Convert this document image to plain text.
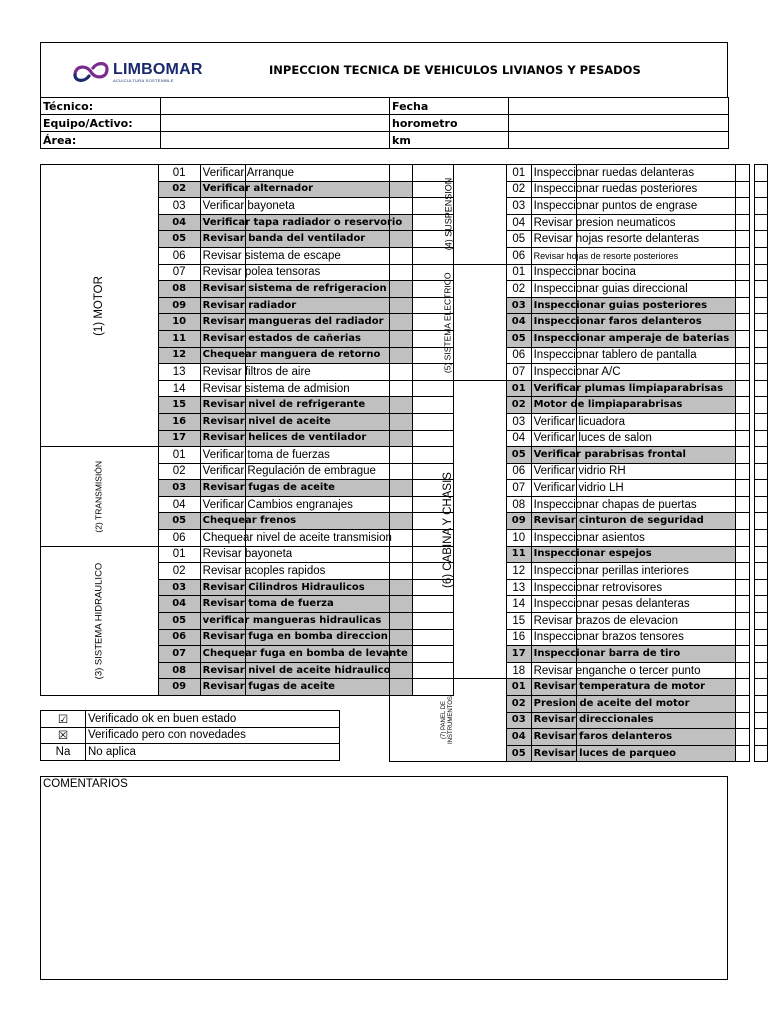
LIMBOMAR
ACUICULTURA SOSTENIBLE
INPECCION TECNICA DE VEHICULOS LIVIANOS Y PESADOS
Técnico:		Fecha	
Equipo/Activo:		horometro	
Área:		km	
(1) MOTOR	01	Verificar Arranque		
	02	Verificar alternador		
	03	Verificar bayoneta		
	04	Verificar tapa radiador o reservorio		
	05	Revisar banda del ventilador		
	06	Revisar sistema de escape		
	07	Revisar polea tensoras		
	08	Revisar sistema de refrigeracion		
	09	Revisar radiador		
	10	Revisar mangueras del radiador		
	11	Revisar estados de cañerias		
	12	Chequear manguera de retorno		
	13	Revisar filtros de aire		
	14	Revisar sistema de admision		
	15	Revisar nivel de refrigerante		
	16	Revisar nivel de aceite		
	17	Revisar helices de ventilador		
(2) TRANSMISIÓN	01	Verificar toma de fuerzas		
	02	Verificar Regulación de embrague		
	03	Revisar fugas de aceite		
	04	Verificar Cambios engranajes		
	05	Chequear frenos		
	06	Chequear nivel de aceite transmision		
(3) SISTEMA HIDRAULICO	01	Revisar bayoneta		
	02	Revisar acoples rapidos		
	03	Revisar Cilindros Hidraulicos		
	04	Revisar toma de fuerza		
	05	verificar mangueras hidraulicas		
	06	Revisar fuga en bomba direccion		
	07	Chequear fuga en bomba de levante		
	08	Revisar nivel de aceite hidraulico		
	09	Revisar fugas de aceite		
(4) SUSPENSION	01	Inspeccionar ruedas delanteras			
	02	Inspeccionar ruedas posteriores			
	03	Inspeccionar puntos de engrase			
	04	Revisar presion neumaticos			
	05	Revisar hojas resorte delanteras			
	06	Revisar hojas de resorte posteriores			
(5) SISTEMA ELECTRICO	01	Inspeccionar bocina			
	02	Inspeccionar guias direccional			
	03	Inspeccionar guias posteriores			
	04	Inspeccionar faros delanteros			
	05	Inspeccionar amperaje de baterias			
	06	Inspeccionar tablero de pantalla			
	07	Inspeccionar A/C			
(6) CABINA Y CHASIS	01	Verificar plumas limpiaparabrisas			
	02	Motor de limpiaparabrisas			
	03	Verificar licuadora			
	04	Verificar luces de salon			
	05	Verificar parabrisas frontal			
	06	Verificar vidrio RH			
	07	Verificar vidrio LH			
	08	Inspeccionar chapas de puertas			
	09	Revisar cinturon de seguridad			
	10	Inspeccionar asientos			
	11	Inspeccionar espejos			
	12	Inspeccionar perillas interiores			
	13	Inspeccionar retrovisores			
	14	Inspeccionar pesas delanteras			
	15	Revisar brazos de elevacion			
	16	Inspeccionar brazos tensores			
	17	Inspeccionar barra de tiro			
	18	Revisar enganche o tercer punto			
(7) PANEL DE INSTRUMENTOS	01	Revisar temperatura de motor			
	02	Presion de aceite del motor			
	03	Revisar direccionales			
	04	Revisar faros delanteros			
	05	Revisar luces de parqueo			
☑	Verificado ok en buen estado
☒	Verificado pero con novedades
Na	No aplica
COMENTARIOS
